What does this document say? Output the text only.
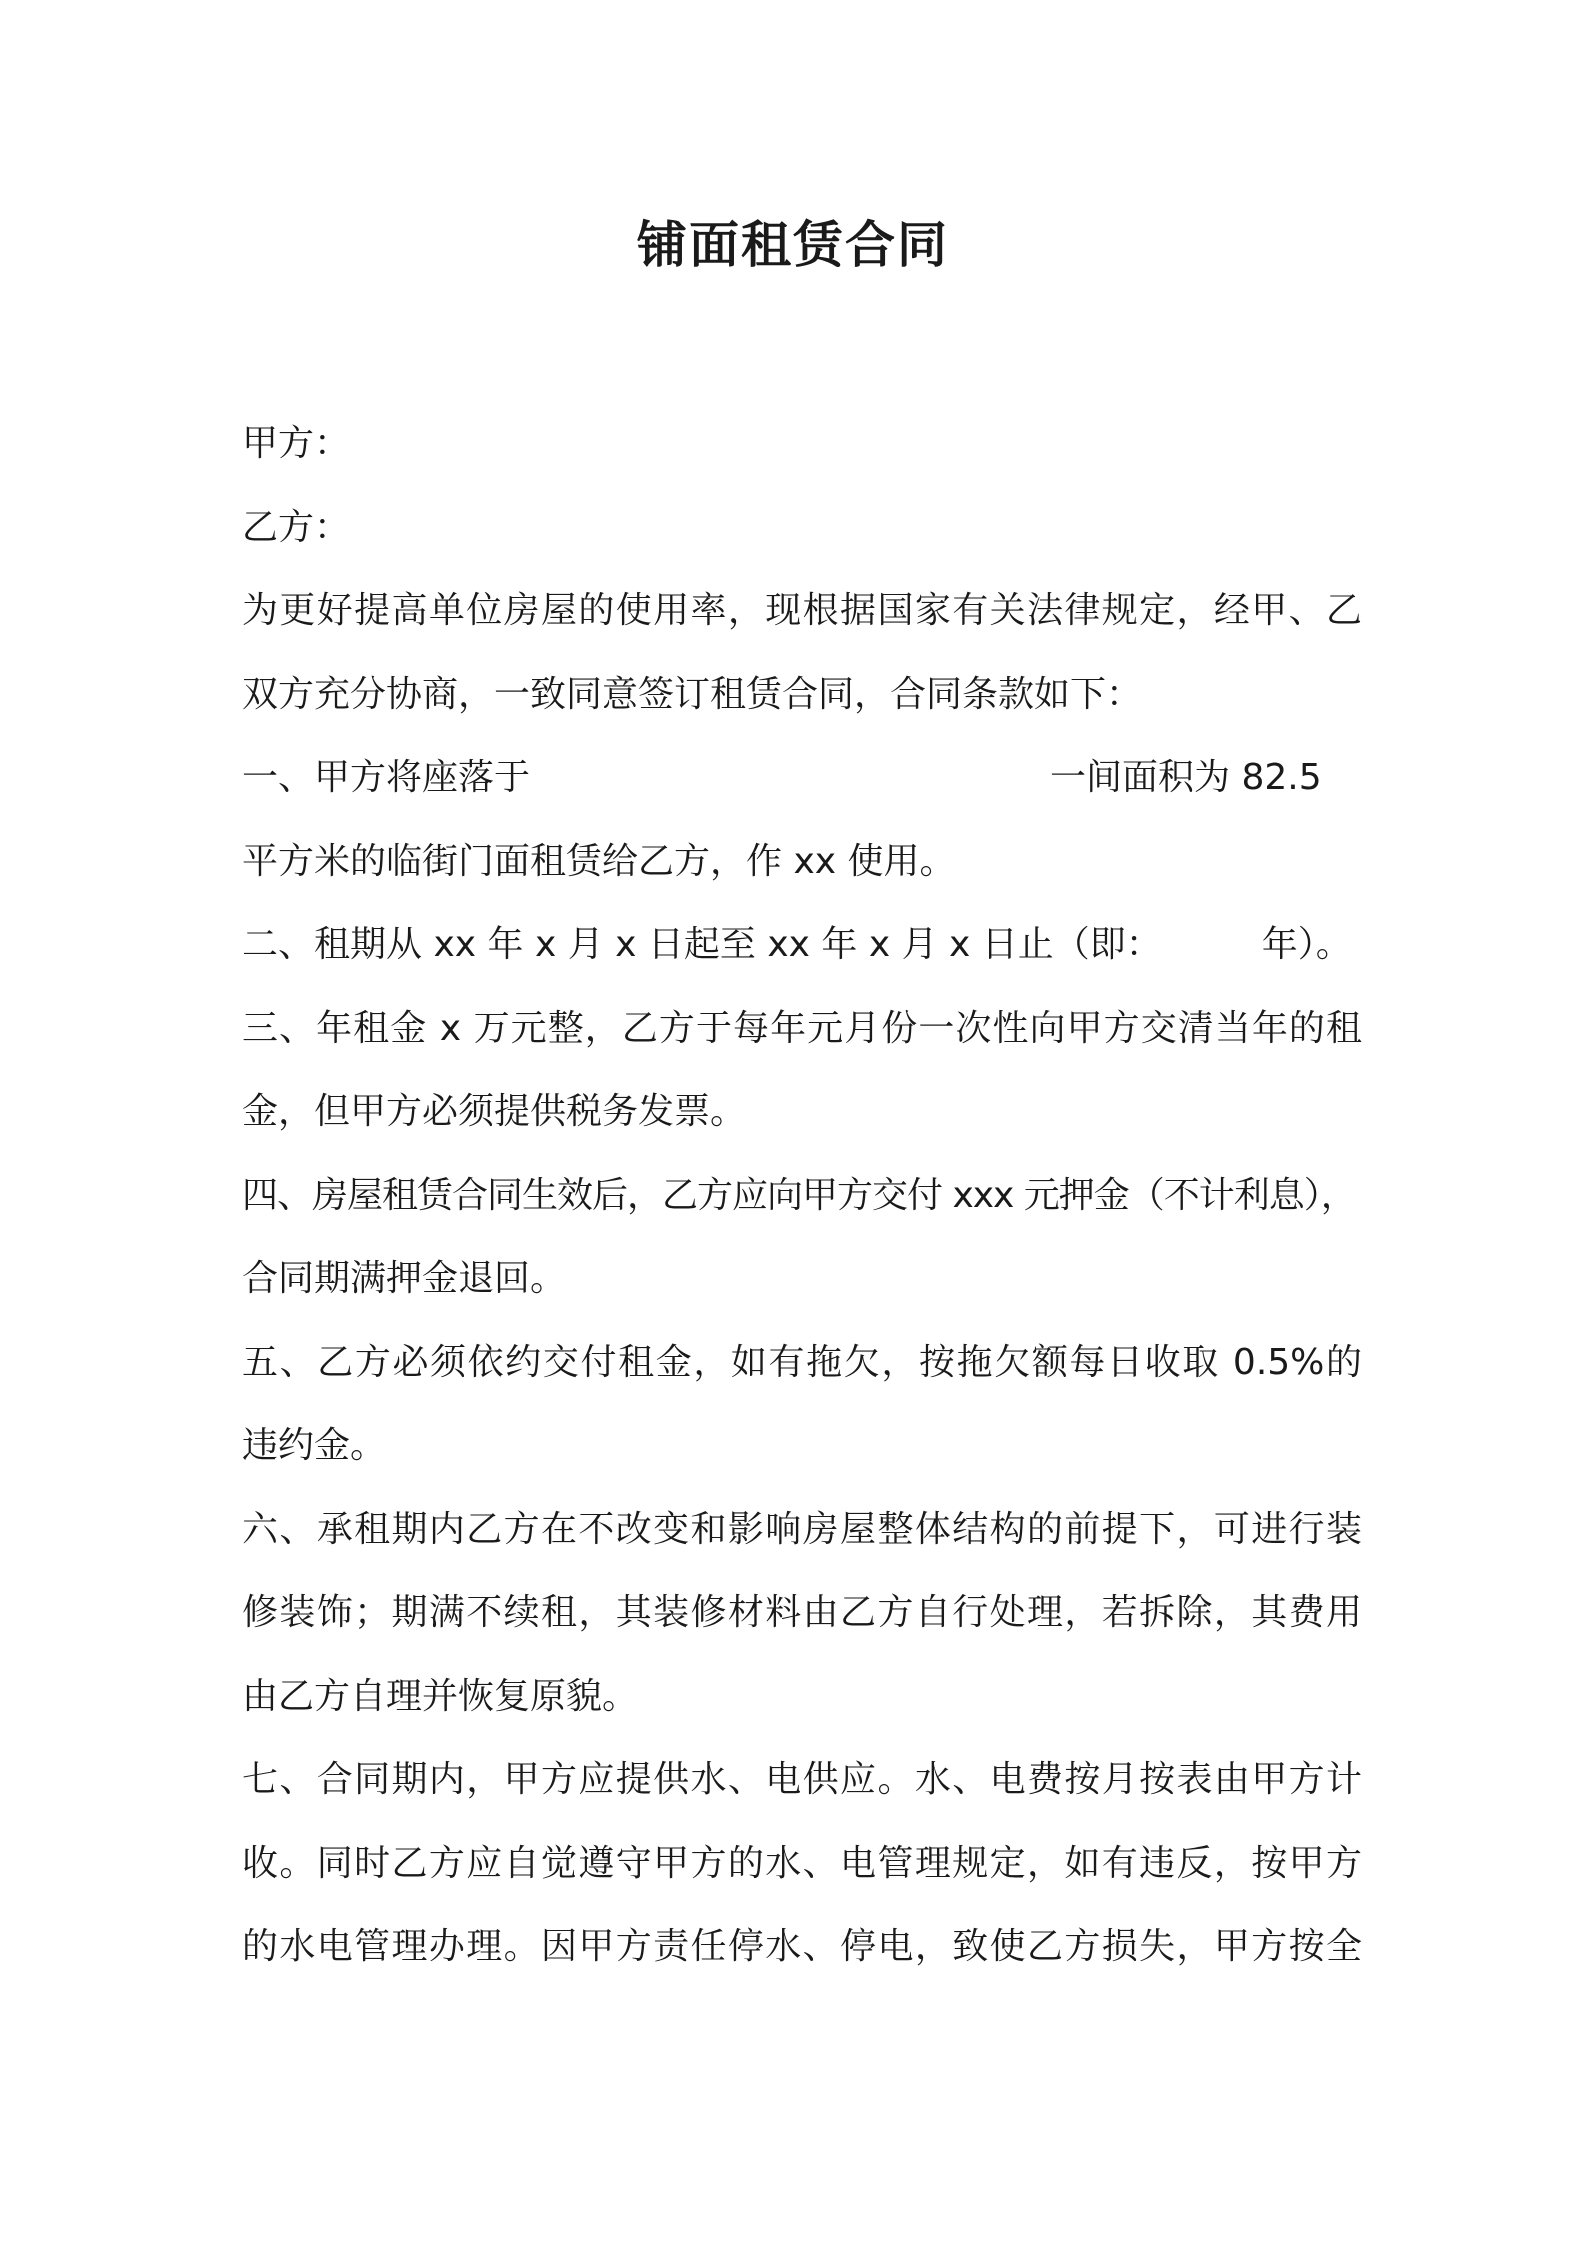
铺面租赁合同
甲方：
乙方：
为更好提高单位房屋的使用率，现根据国家有关法律规定，经甲、乙
双方充分协商，一致同意签订租赁合同，合同条款如下：
一、甲方将座落于	一间面积为 82.5
平方米的临街门面租赁给乙方，作 xx 使用。
二、租期从 xx 年 x 月 x 日起至 xx 年 x 月 x 日止（即：	年）。
三、年租金 x 万元整，乙方于每年元月份一次性向甲方交清当年的租
金，但甲方必须提供税务发票。
四、房屋租赁合同生效后，乙方应向甲方交付 xxx 元押金（不计利息），
合同期满押金退回。
五、乙方必须依约交付租金，如有拖欠，按拖欠额每日收取 0.5%的
违约金。
六、承租期内乙方在不改变和影响房屋整体结构的前提下，可进行装
修装饰；期满不续租，其装修材料由乙方自行处理，若拆除，其费用
由乙方自理并恢复原貌。
七、合同期内，甲方应提供水、电供应。水、电费按月按表由甲方计
收。同时乙方应自觉遵守甲方的水、电管理规定，如有违反，按甲方
的水电管理办理。因甲方责任停水、停电，致使乙方损失，甲方按全
